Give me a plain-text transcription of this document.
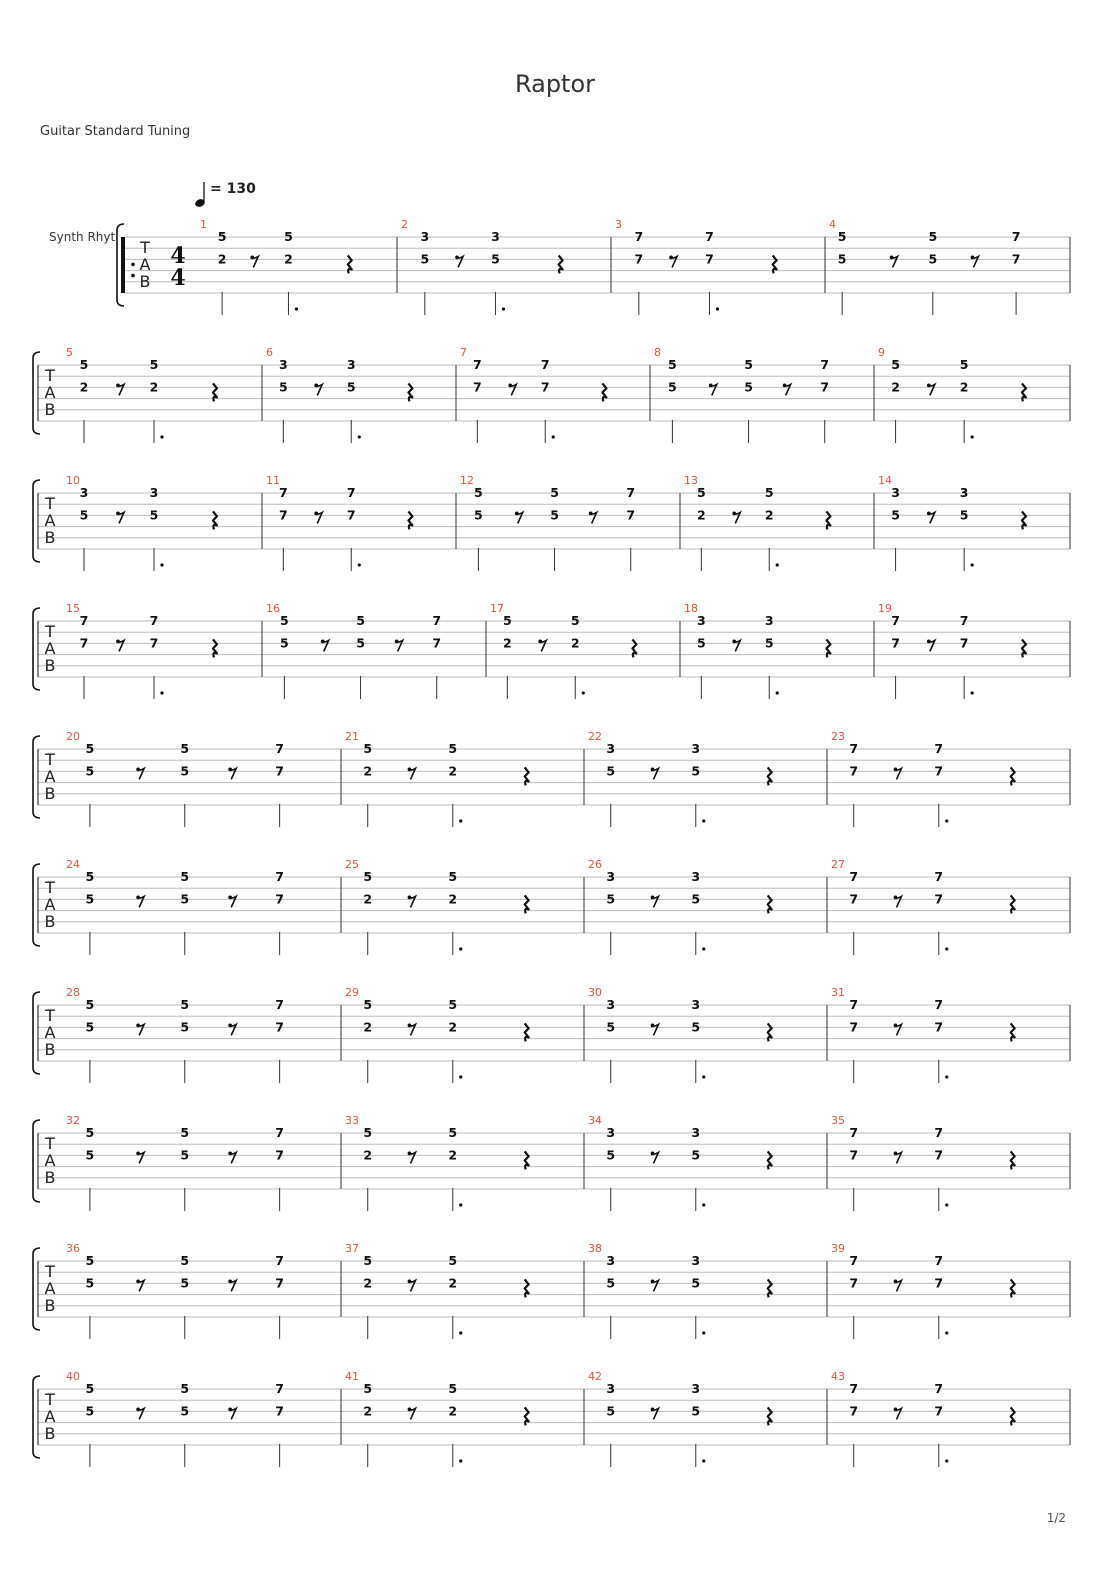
Raptor
Guitar Standard Tuning
= 130
Synth Rhyt
T
A
B
4
4
1
5
2
5
2
2
3
5
3
5
3
7
7
7
7
4
5
5
5
5
7
7
T
A
B
5
5
2
5
2
6
3
5
3
5
7
7
7
7
7
8
5
5
5
5
7
7
9
5
2
5
2
T
A
B
10
3
5
3
5
11
7
7
7
7
12
5
5
5
5
7
7
13
5
2
5
2
14
3
5
3
5
T
A
B
15
7
7
7
7
16
5
5
5
5
7
7
17
5
2
5
2
18
3
5
3
5
19
7
7
7
7
T
A
B
20
5
5
5
5
7
7
21
5
2
5
2
22
3
5
3
5
23
7
7
7
7
T
A
B
24
5
5
5
5
7
7
25
5
2
5
2
26
3
5
3
5
27
7
7
7
7
T
A
B
28
5
5
5
5
7
7
29
5
2
5
2
30
3
5
3
5
31
7
7
7
7
T
A
B
32
5
5
5
5
7
7
33
5
2
5
2
34
3
5
3
5
35
7
7
7
7
T
A
B
36
5
5
5
5
7
7
37
5
2
5
2
38
3
5
3
5
39
7
7
7
7
T
A
B
40
5
5
5
5
7
7
41
5
2
5
2
42
3
5
3
5
43
7
7
7
7
1/2
